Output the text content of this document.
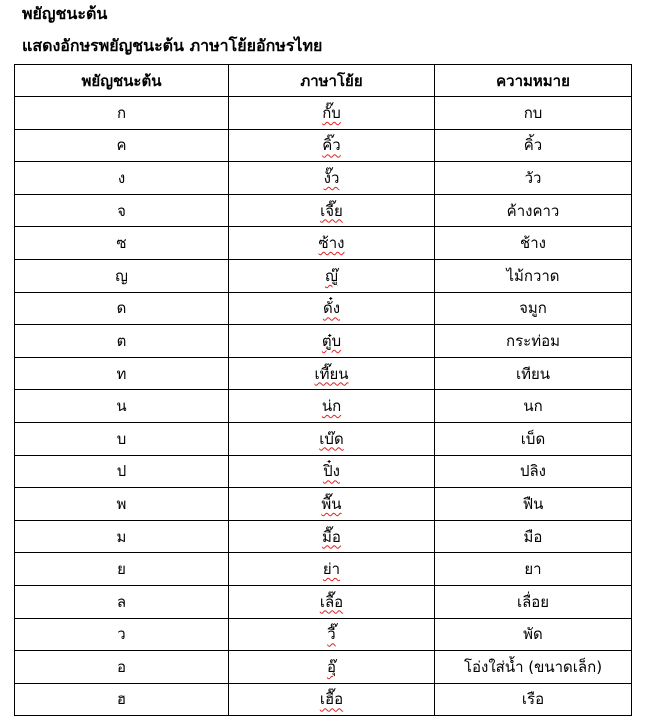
พยัญชนะต้น
แสดงอักษรพยัญชนะต้น ภาษาโย้ยอักษรไทย
พยัญชนะต้น	ภาษาโย้ย	ความหมาย
ก	กั๊บ	กบ
ค	คิ๊ว	คิ้ว
ง	งั๊ว	วัว
จ	เจี๊ย	ค้างคาว
ซ	ซ้าง	ช้าง
ญ	ญู๊	ไม้กวาด
ด	ดั๋ง	จมูก
ต	ตู๋บ	กระท่อม
ท	เที๊ยน	เทียน
น	น่ก	นก
บ	เบ๊ด	เบ็ด
ป	ปิ๋ง	ปลิง
พ	พื๊น	ฟืน
ม	มื๊อ	มือ
ย	ย่า	ยา
ล	เลื๊อ	เลื่อย
ว	วี๊	พัด
อ	อุ๊	โอ่งใส่น้ำ (ขนาดเล็ก)
ฮ	เฮื๊อ	เรือ
